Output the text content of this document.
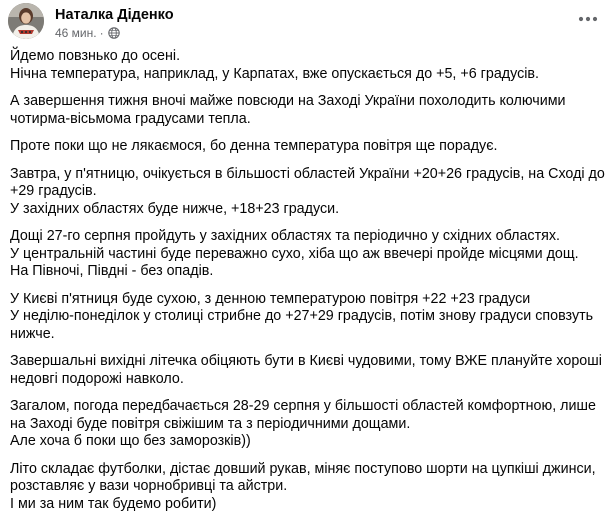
Наталка Діденко
46 мин. ·

Йдемо повзнько до осені.
Нічна температура, наприклад, у Карпатах, вже опускається до +5, +6 градусів.

А завершення тижня вночі майже повсюди на Заході України похолодить колючими чотирма-вісьмома градусами тепла.

Проте поки що не лякаємося, бо денна температура повітря ще порадує.

Завтра, у п'ятницю, очікується в більшості областей України +20+26 градусів, на Сході до +29 градусів.
У західних областях буде нижче, +18+23 градуси.

Дощі 27-го серпня пройдуть у західних областях та періодично у східних областях.
У центральній частині буде переважно сухо, хіба що аж ввечері пройде місцями дощ.
На Півночі, Півдні - без опадів.

У Києві п'ятниця буде сухою, з денною температурою повітря +22 +23 градуси
У неділю-понеділок у столиці стрибне до +27+29 градусів, потім знову градуси сповзуть нижче.

Завершальні вихідні літечка обіцяють бути в Києві чудовими, тому ВЖЕ плануйте хороші недовгі подорожі навколо.

Загалом, погода передбачається 28-29 серпня у більшості областей комфортною, лише на Заході буде повітря свіжішим та з періодичними дощами.
Але хоча б поки що без заморозків))

Літо складає футболки, дістає довший рукав, міняє поступово шорти на цупкіші джинси, розставляє у вази чорнобривці та айстри.
І ми за ним так будемо робити)
